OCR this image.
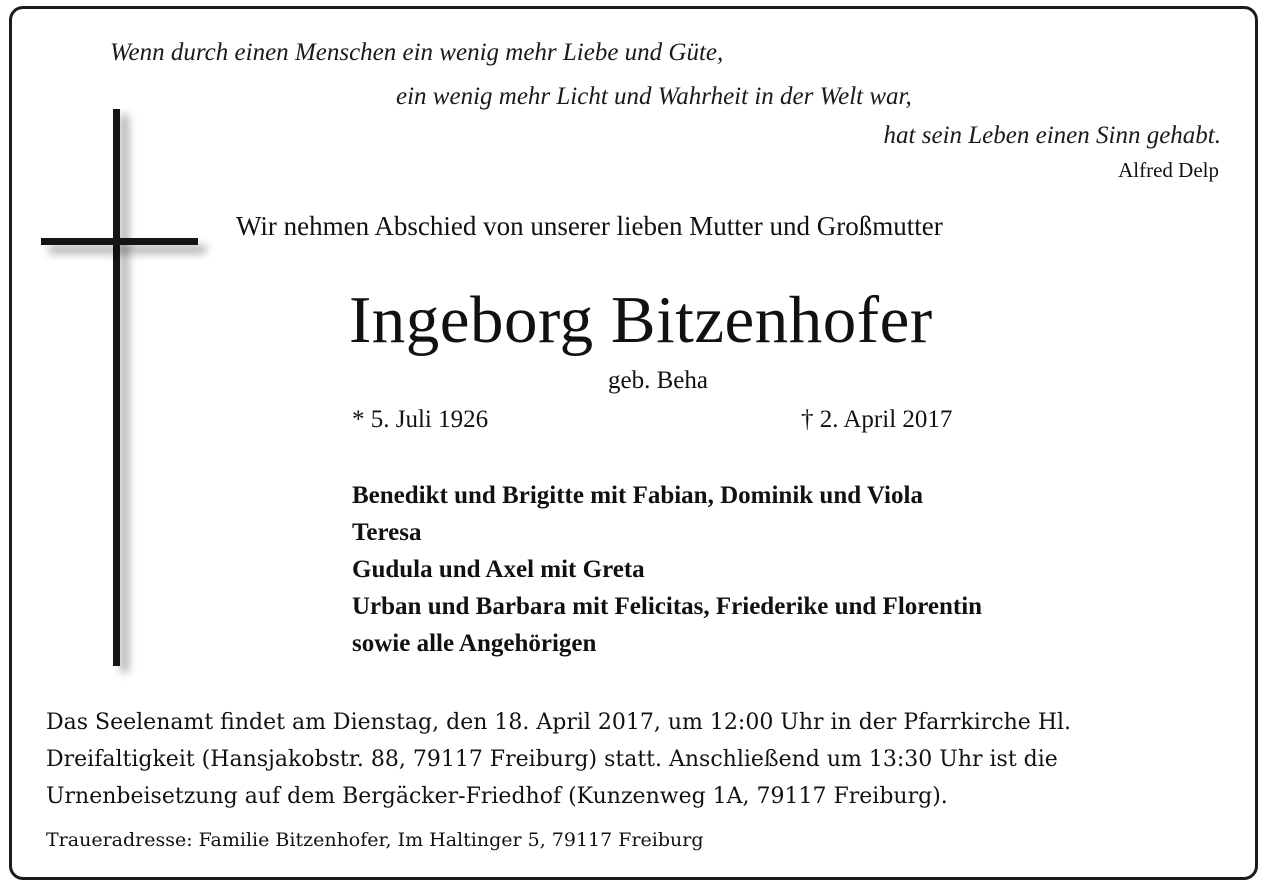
Wenn durch einen Menschen ein wenig mehr Liebe und Güte,
ein wenig mehr Licht und Wahrheit in der Welt war,
hat sein Leben einen Sinn gehabt.
Alfred Delp
Wir nehmen Abschied von unserer lieben Mutter und Großmutter
Ingeborg Bitzenhofer
geb. Beha
* 5. Juli 1926	† 2. April 2017
Benedikt und Brigitte mit Fabian, Dominik und Viola
Teresa
Gudula und Axel mit Greta
Urban und Barbara mit Felicitas, Friederike und Florentin
sowie alle Angehörigen
Das Seelenamt findet am Dienstag, den 18. April 2017, um 12:00 Uhr in der Pfarrkirche Hl. Dreifaltigkeit (Hansjakobstr. 88, 79117 Freiburg) statt. Anschließend um 13:30 Uhr ist die Urnenbeisetzung auf dem Bergäcker-Friedhof (Kunzenweg 1A, 79117 Freiburg).
Traueradresse: Familie Bitzenhofer, Im Haltinger 5, 79117 Freiburg
